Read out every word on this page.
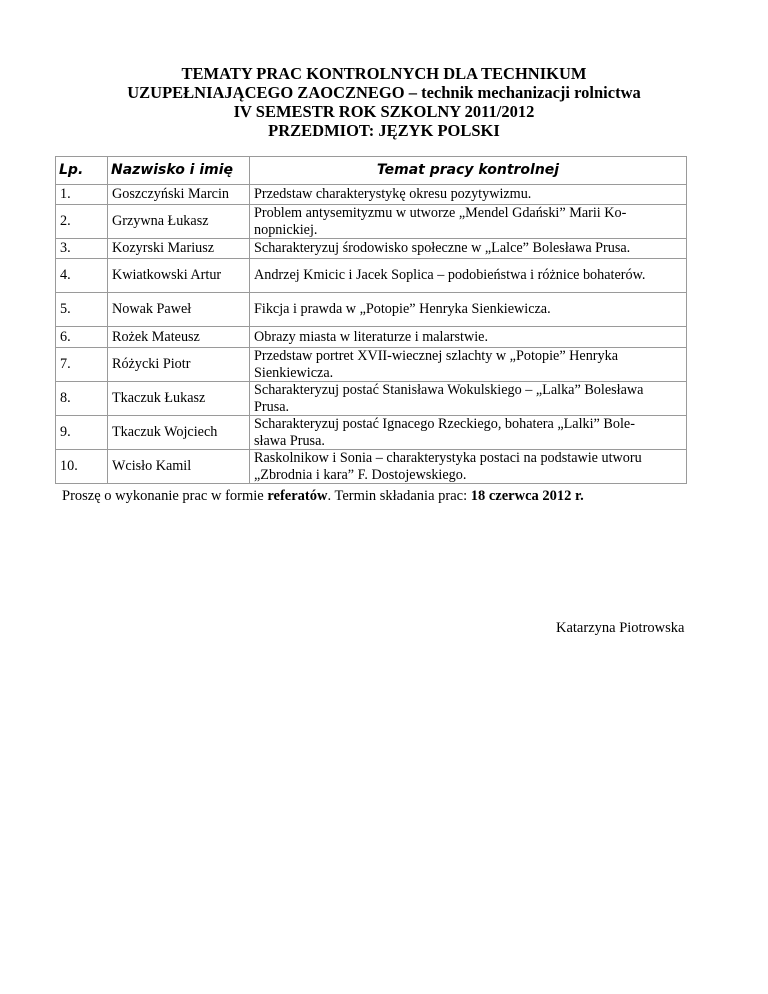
TEMATY PRAC KONTROLNYCH DLA TECHNIKUM
UZUPEŁNIAJĄCEGO ZAOCZNEGO – technik mechanizacji rolnictwa
IV SEMESTR ROK SZKOLNY 2011/2012
PRZEDMIOT: JĘZYK POLSKI
Lp.	Nazwisko i imię	Temat pracy kontrolnej
1.	Goszczyński Marcin	Przedstaw charakterystykę okresu pozytywizmu.
2.	Grzywna Łukasz	Problem antysemityzmu w utworze „Mendel Gdański” Marii Ko-
nopnickiej.
3.	Kozyrski Mariusz	Scharakteryzuj środowisko społeczne w „Lalce” Bolesława Prusa.
4.	Kwiatkowski Artur	Andrzej Kmicic i Jacek Soplica – podobieństwa i różnice bohaterów.
5.	Nowak Paweł	Fikcja i prawda w „Potopie” Henryka Sienkiewicza.
6.	Rożek Mateusz	Obrazy miasta w literaturze i malarstwie.
7.	Różycki Piotr	Przedstaw portret XVII-wiecznej szlachty w „Potopie” Henryka
Sienkiewicza.
8.	Tkaczuk Łukasz	Scharakteryzuj postać Stanisława Wokulskiego – „Lalka” Bolesława
Prusa.
9.	Tkaczuk Wojciech	Scharakteryzuj postać Ignacego Rzeckiego, bohatera „Lalki” Bole-
sława Prusa.
10.	Wcisło Kamil	Raskolnikow i Sonia – charakterystyka postaci na podstawie utworu
„Zbrodnia i kara” F. Dostojewskiego.
Proszę o wykonanie prac w formie referatów. Termin składania prac: 18 czerwca 2012 r.
Katarzyna Piotrowska
